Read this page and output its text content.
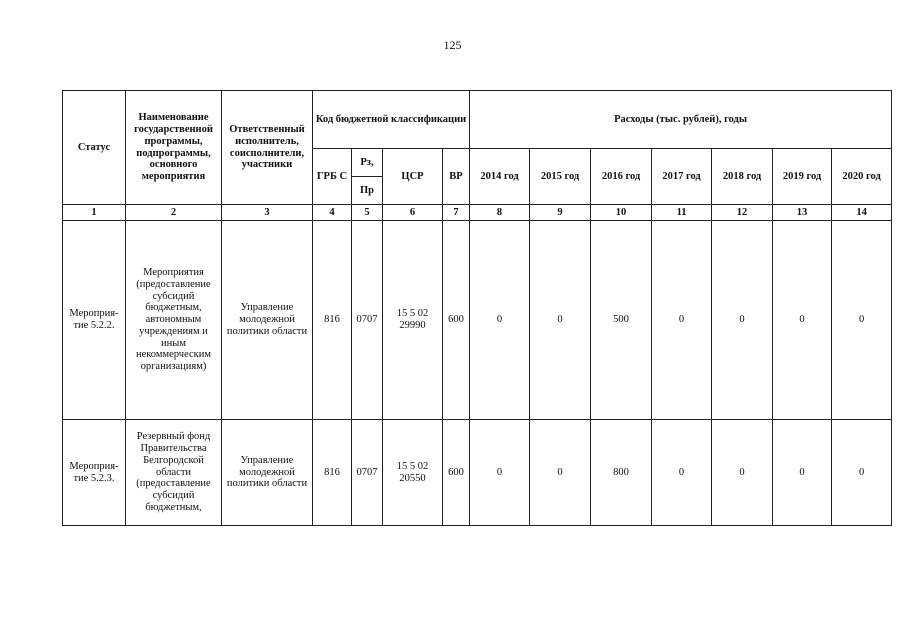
125
Статус	Наименование государственной программы, подпрограммы, основного мероприятия	Ответственный исполнитель, соисполнители, участники	Код бюджетной классификации				Расходы (тыс. рублей), годы						
			ГРБ С	Рз,	ЦСР	ВР	2014 год	2015 год	2016 год	2017 год	2018 год	2019 год	2020 год
				Пр									
1	2	3	4	5	6	7	8	9	10	11	12	13	14
Мероприя-тие 5.2.2.	Мероприятия (предоставление субсидий бюджетным, автономным учреждениям и иным некоммерческим организациям)	Управление молодежной политики области	816	0707	15 5 02 29990	600	0	0	500	0	0	0	0
Мероприя-тие 5.2.3.	Резервный фонд Правительства Белгородской области (предоставление субсидий бюджетным,	Управление молодежной политики области	816	0707	15 5 02 20550	600	0	0	800	0	0	0	0
